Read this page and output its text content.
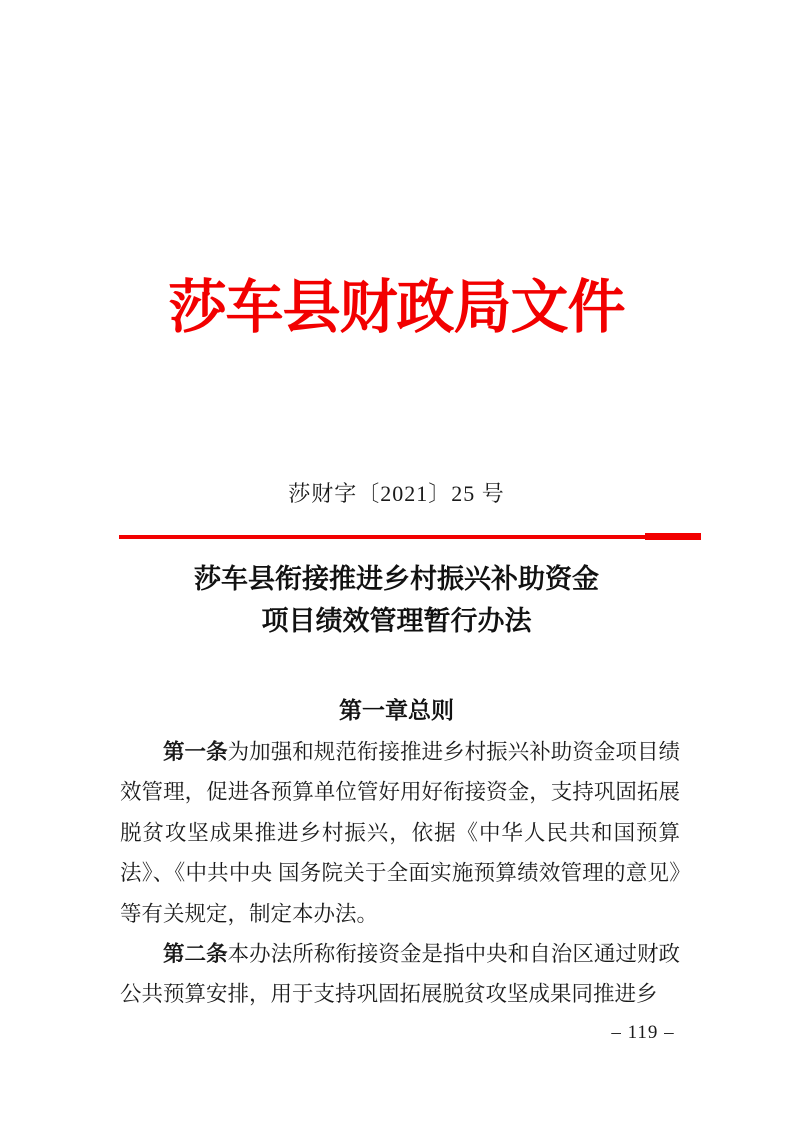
莎车县财政局文件
莎财字〔2021〕25 号
莎车县衔接推进乡村振兴补助资金
项目绩效管理暂行办法
第一章总则

第一条为加强和规范衔接推进乡村振兴补助资金项目绩效管理，促进各预算单位管好用好衔接资金，支持巩固拓展脱贫攻坚成果推进乡村振兴，依据《中华人民共和国预算法》、《中共中央 国务院关于全面实施预算绩效管理的意见》等有关规定，制定本办法。

第二条本办法所称衔接资金是指中央和自治区通过财政公共预算安排，用于支持巩固拓展脱贫攻坚成果同推进乡

– 119 –
